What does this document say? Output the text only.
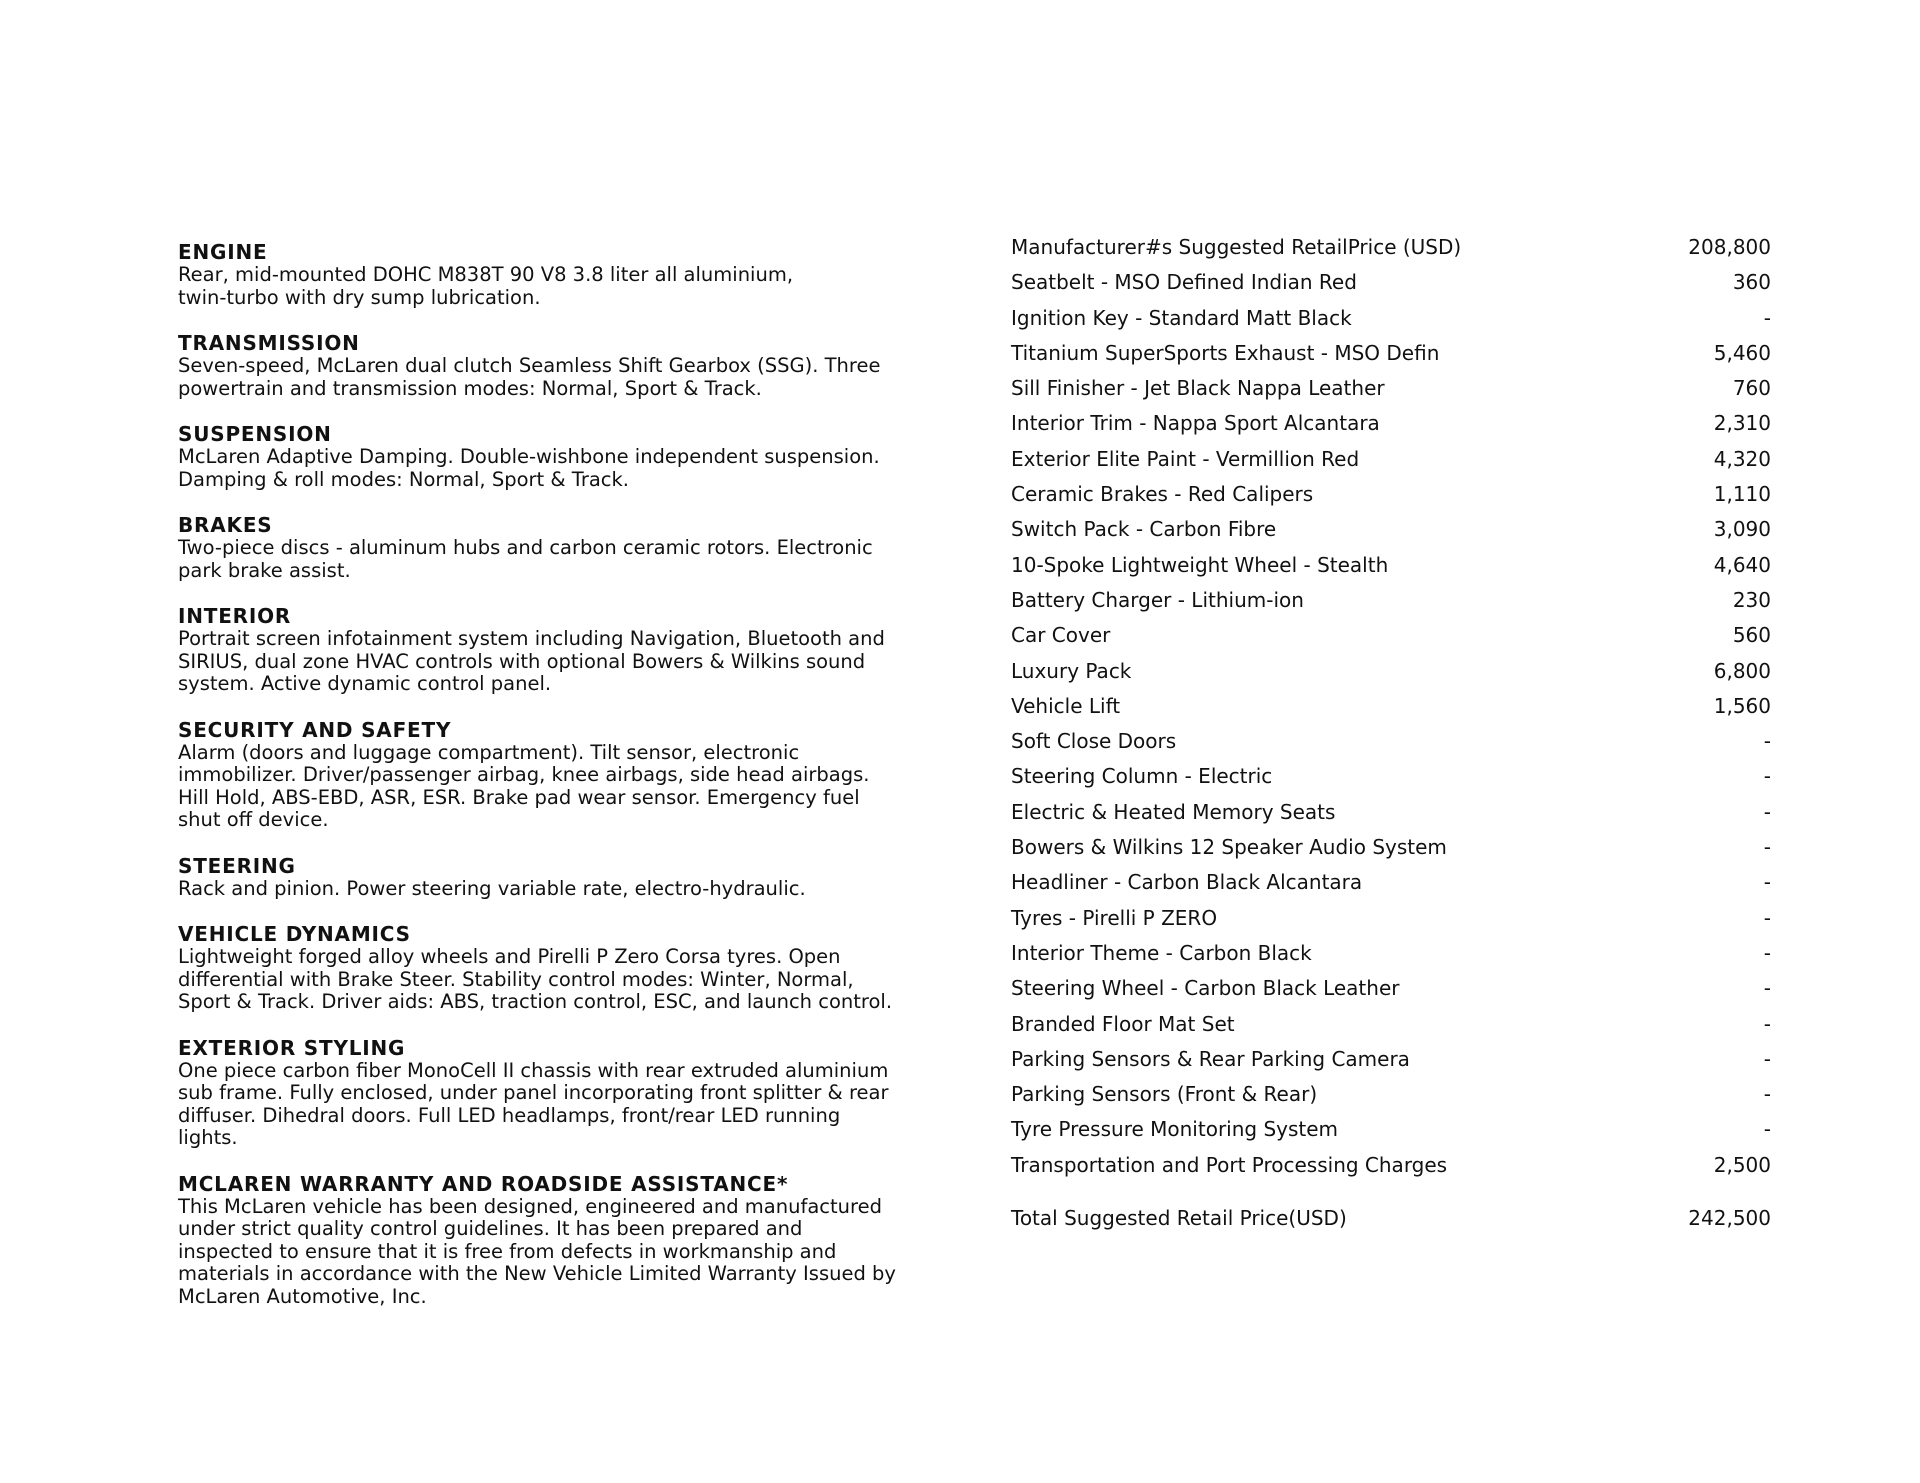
ENGINE
Rear, mid-mounted DOHC M838T 90 V8 3.8 liter all aluminium,
twin-turbo with dry sump lubrication.
TRANSMISSION
Seven-speed, McLaren dual clutch Seamless Shift Gearbox (SSG). Three
powertrain and transmission modes: Normal, Sport & Track.
SUSPENSION
McLaren Adaptive Damping. Double-wishbone independent suspension.
Damping & roll modes: Normal, Sport & Track.
BRAKES
Two-piece discs - aluminum hubs and carbon ceramic rotors. Electronic
park brake assist.
INTERIOR
Portrait screen infotainment system including Navigation, Bluetooth and
SIRIUS, dual zone HVAC controls with optional Bowers & Wilkins sound
system. Active dynamic control panel.
SECURITY AND SAFETY
Alarm (doors and luggage compartment). Tilt sensor, electronic
immobilizer. Driver/passenger airbag, knee airbags, side head airbags.
Hill Hold, ABS-EBD, ASR, ESR. Brake pad wear sensor. Emergency fuel
shut off device.
STEERING
Rack and pinion. Power steering variable rate, electro-hydraulic.
VEHICLE DYNAMICS
Lightweight forged alloy wheels and Pirelli P Zero Corsa tyres. Open
differential with Brake Steer. Stability control modes: Winter, Normal,
Sport & Track. Driver aids: ABS, traction control, ESC, and launch control.
EXTERIOR STYLING
One piece carbon fiber MonoCell II chassis with rear extruded aluminium
sub frame. Fully enclosed, under panel incorporating front splitter & rear
diffuser. Dihedral doors. Full LED headlamps, front/rear LED running
lights.
MCLAREN WARRANTY AND ROADSIDE ASSISTANCE*
This McLaren vehicle has been designed, engineered and manufactured
under strict quality control guidelines. It has been prepared and
inspected to ensure that it is free from defects in workmanship and
materials in accordance with the New Vehicle Limited Warranty Issued by
McLaren Automotive, Inc.
Manufacturer#s Suggested RetailPrice (USD)	208,800
Seatbelt - MSO Defined Indian Red	360
Ignition Key - Standard Matt Black	-
Titanium SuperSports Exhaust - MSO Defin	5,460
Sill Finisher - Jet Black Nappa Leather	760
Interior Trim - Nappa Sport Alcantara	2,310
Exterior Elite Paint - Vermillion Red	4,320
Ceramic Brakes - Red Calipers	1,110
Switch Pack - Carbon Fibre	3,090
10-Spoke Lightweight Wheel - Stealth	4,640
Battery Charger - Lithium-ion	230
Car Cover	560
Luxury Pack	6,800
Vehicle Lift	1,560
Soft Close Doors	-
Steering Column - Electric	-
Electric & Heated Memory Seats	-
Bowers & Wilkins 12 Speaker Audio System	-
Headliner - Carbon Black Alcantara	-
Tyres - Pirelli P ZERO	-
Interior Theme - Carbon Black	-
Steering Wheel - Carbon Black Leather	-
Branded Floor Mat Set	-
Parking Sensors & Rear Parking Camera	-
Parking Sensors (Front & Rear)	-
Tyre Pressure Monitoring System	-
Transportation and Port Processing Charges	2,500
Total Suggested Retail Price(USD)	242,500
